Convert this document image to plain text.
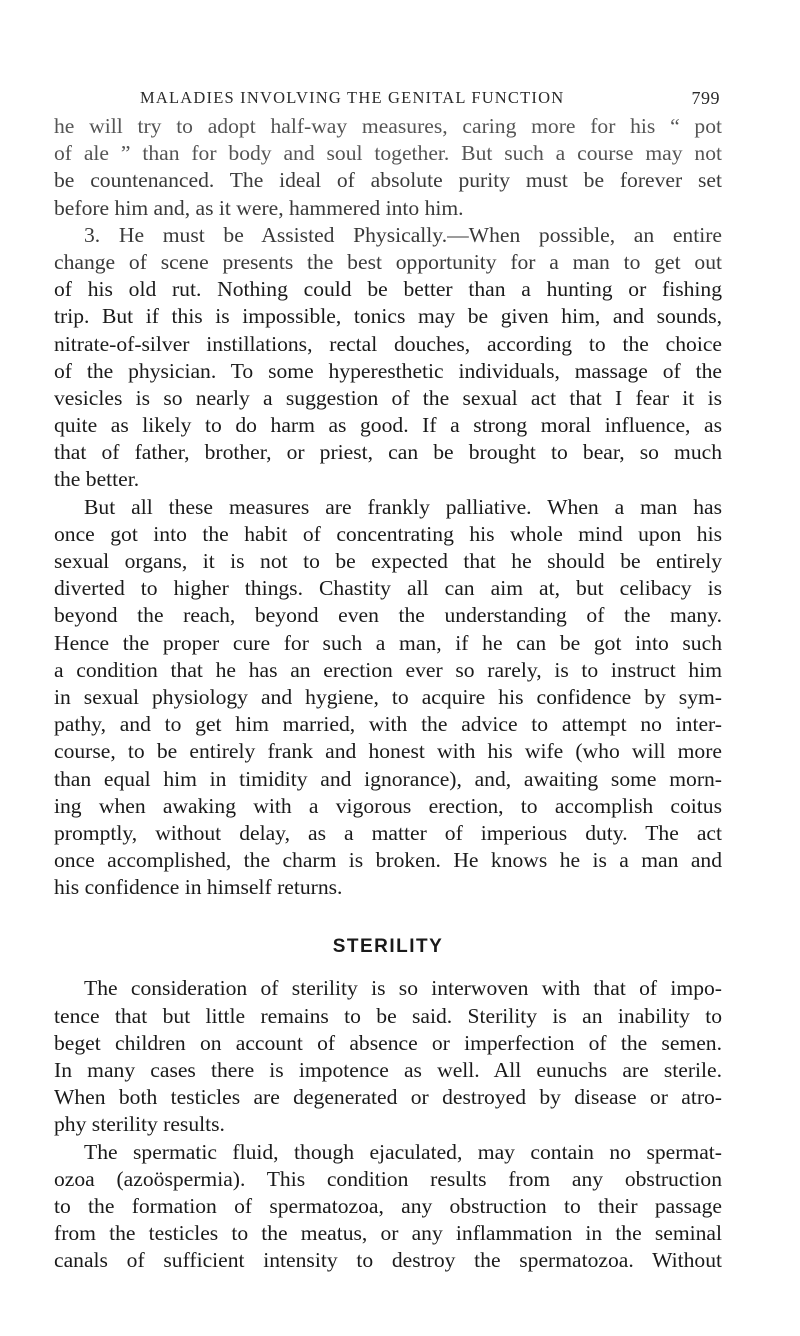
MALADIES INVOLVING THE GENITAL FUNCTION	799
he will try to adopt half-way measures, caring more for his “ pot
of ale ” than for body and soul together. But such a course may not
be countenanced. The ideal of absolute purity must be forever set
before him and, as it were, hammered into him.
3. He must be Assisted Physically.—When possible, an entire
change of scene presents the best opportunity for a man to get out
of his old rut. Nothing could be better than a hunting or fishing
trip. But if this is impossible, tonics may be given him, and sounds,
nitrate-of-silver instillations, rectal douches, according to the choice
of the physician. To some hyperesthetic individuals, massage of the
vesicles is so nearly a suggestion of the sexual act that I fear it is
quite as likely to do harm as good. If a strong moral influence, as
that of father, brother, or priest, can be brought to bear, so much
the better.
But all these measures are frankly palliative. When a man has
once got into the habit of concentrating his whole mind upon his
sexual organs, it is not to be expected that he should be entirely
diverted to higher things. Chastity all can aim at, but celibacy is
beyond the reach, beyond even the understanding of the many.
Hence the proper cure for such a man, if he can be got into such
a condition that he has an erection ever so rarely, is to instruct him
in sexual physiology and hygiene, to acquire his confidence by sym-
pathy, and to get him married, with the advice to attempt no inter-
course, to be entirely frank and honest with his wife (who will more
than equal him in timidity and ignorance), and, awaiting some morn-
ing when awaking with a vigorous erection, to accomplish coitus
promptly, without delay, as a matter of imperious duty. The act
once accomplished, the charm is broken. He knows he is a man and
his confidence in himself returns.
STERILITY
The consideration of sterility is so interwoven with that of impo-
tence that but little remains to be said. Sterility is an inability to
beget children on account of absence or imperfection of the semen.
In many cases there is impotence as well. All eunuchs are sterile.
When both testicles are degenerated or destroyed by disease or atro-
phy sterility results.
The spermatic fluid, though ejaculated, may contain no spermat-
ozoa (azoöspermia). This condition results from any obstruction
to the formation of spermatozoa, any obstruction to their passage
from the testicles to the meatus, or any inflammation in the seminal
canals of sufficient intensity to destroy the spermatozoa. Without
